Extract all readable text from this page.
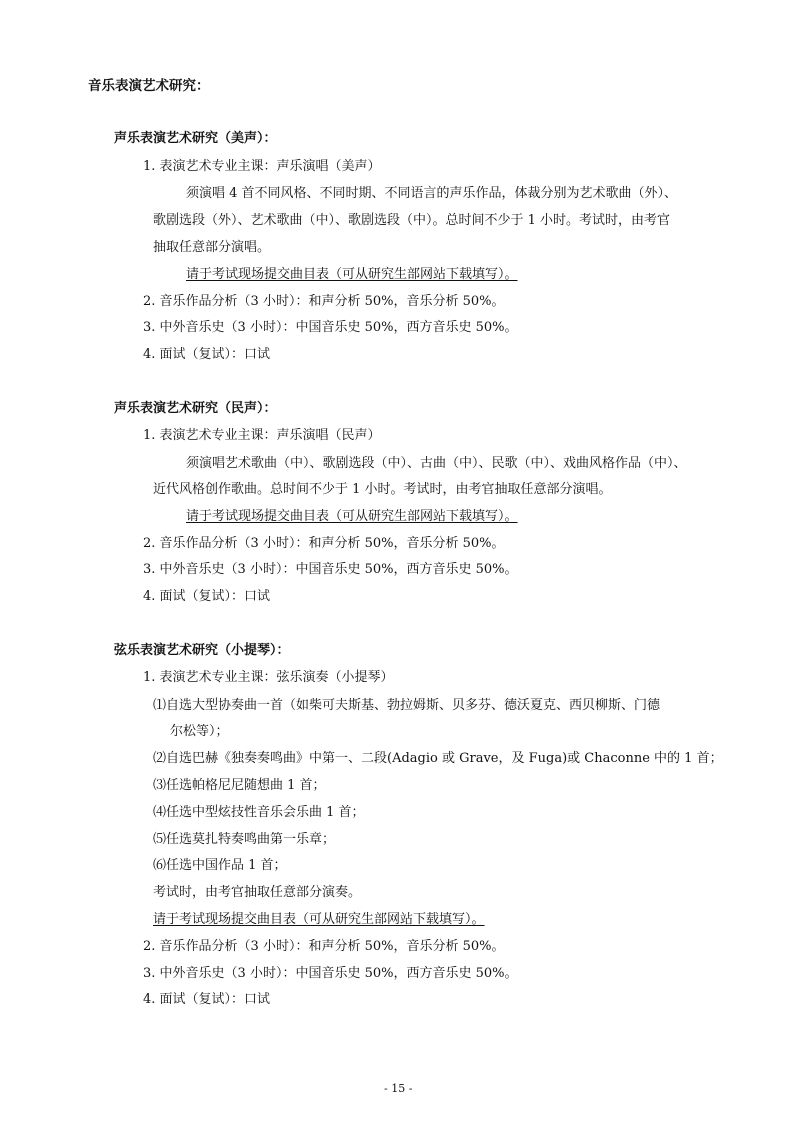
音乐表演艺术研究：
声乐表演艺术研究（美声）：
1. 表演艺术专业主课：声乐演唱（美声）
须演唱 4 首不同风格、不同时期、不同语言的声乐作品，体裁分别为艺术歌曲（外）、
歌剧选段（外）、艺术歌曲（中）、歌剧选段（中）。总时间不少于 1 小时。考试时，由考官
抽取任意部分演唱。
请于考试现场提交曲目表（可从研究生部网站下载填写）。
2. 音乐作品分析（3 小时）：和声分析 50%，音乐分析 50%。
3. 中外音乐史（3 小时）：中国音乐史 50%，西方音乐史 50%。
4. 面试（复试）：口试
声乐表演艺术研究（民声）：
1. 表演艺术专业主课：声乐演唱（民声）
须演唱艺术歌曲（中）、歌剧选段（中）、古曲（中）、民歌（中）、戏曲风格作品（中）、
近代风格创作歌曲。总时间不少于 1 小时。考试时，由考官抽取任意部分演唱。
请于考试现场提交曲目表（可从研究生部网站下载填写）。
2. 音乐作品分析（3 小时）：和声分析 50%，音乐分析 50%。
3. 中外音乐史（3 小时）：中国音乐史 50%，西方音乐史 50%。
4. 面试（复试）：口试
弦乐表演艺术研究（小提琴）：
1. 表演艺术专业主课：弦乐演奏（小提琴）
⑴自选大型协奏曲一首（如柴可夫斯基、勃拉姆斯、贝多芬、德沃夏克、西贝柳斯、门德
尔松等）；
⑵自选巴赫《独奏奏鸣曲》中第一、二段(Adagio 或 Grave，及 Fuga)或 Chaconne 中的 1 首；
⑶任选帕格尼尼随想曲 1 首；
⑷任选中型炫技性音乐会乐曲 1 首；
⑸任选莫扎特奏鸣曲第一乐章；
⑹任选中国作品 1 首；
考试时，由考官抽取任意部分演奏。
请于考试现场提交曲目表（可从研究生部网站下载填写）。
2. 音乐作品分析（3 小时）：和声分析 50%，音乐分析 50%。
3. 中外音乐史（3 小时）：中国音乐史 50%，西方音乐史 50%。
4. 面试（复试）：口试
- 15 -
